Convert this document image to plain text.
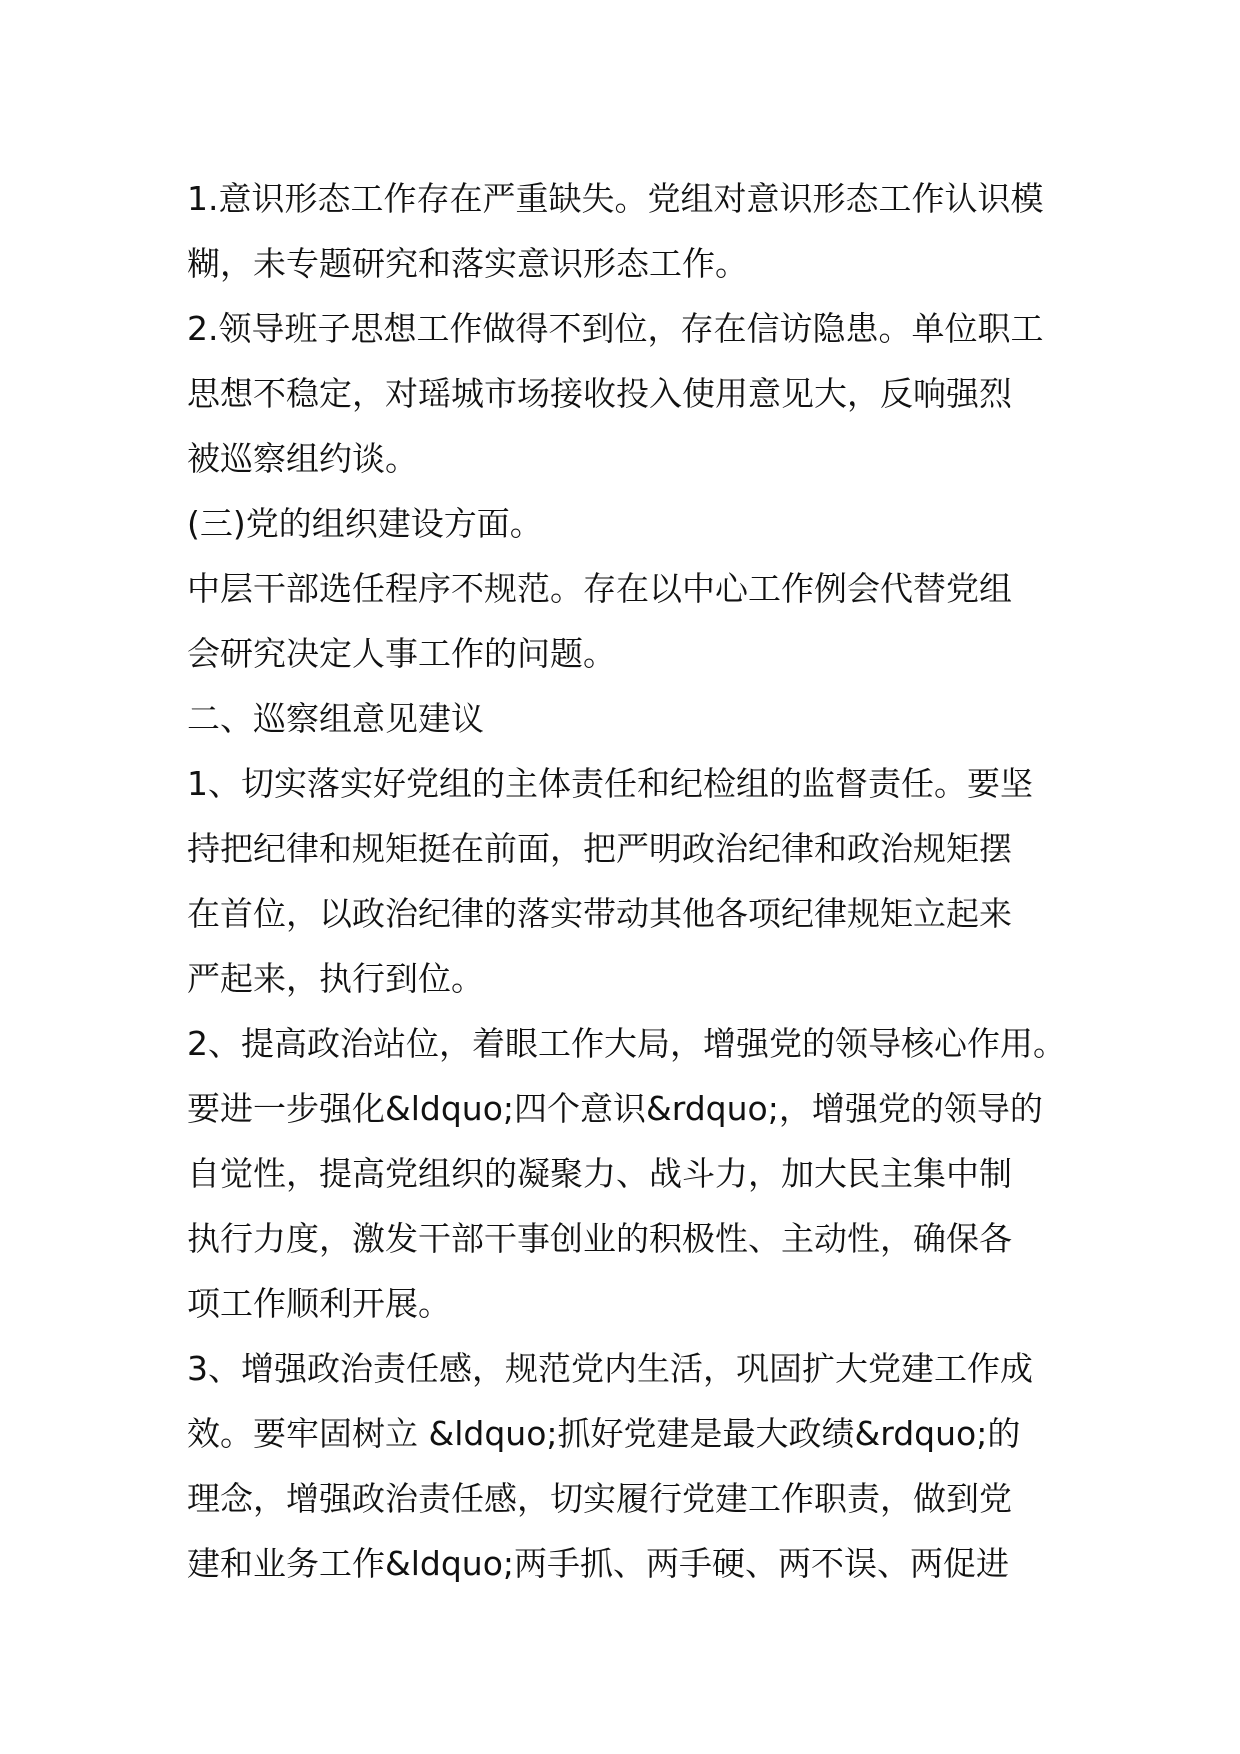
1.意识形态工作存在严重缺失。党组对意识形态工作认识模
糊，未专题研究和落实意识形态工作。
2.领导班子思想工作做得不到位，存在信访隐患。单位职工
思想不稳定，对瑶城市场接收投入使用意见大，反响强烈
被巡察组约谈。
(三)党的组织建设方面。
中层干部选任程序不规范。存在以中心工作例会代替党组
会研究决定人事工作的问题。
二、巡察组意见建议
1、切实落实好党组的主体责任和纪检组的监督责任。要坚
持把纪律和规矩挺在前面，把严明政治纪律和政治规矩摆
在首位，以政治纪律的落实带动其他各项纪律规矩立起来
严起来，执行到位。
2、提高政治站位，着眼工作大局，增强党的领导核心作用。
要进一步强化&ldquo;四个意识&rdquo;，增强党的领导的
自觉性，提高党组织的凝聚力、战斗力，加大民主集中制
执行力度，激发干部干事创业的积极性、主动性，确保各
项工作顺利开展。
3、增强政治责任感，规范党内生活，巩固扩大党建工作成
效。要牢固树立 &ldquo;抓好党建是最大政绩&rdquo;的
理念，增强政治责任感，切实履行党建工作职责，做到党
建和业务工作&ldquo;两手抓、两手硬、两不误、两促进
